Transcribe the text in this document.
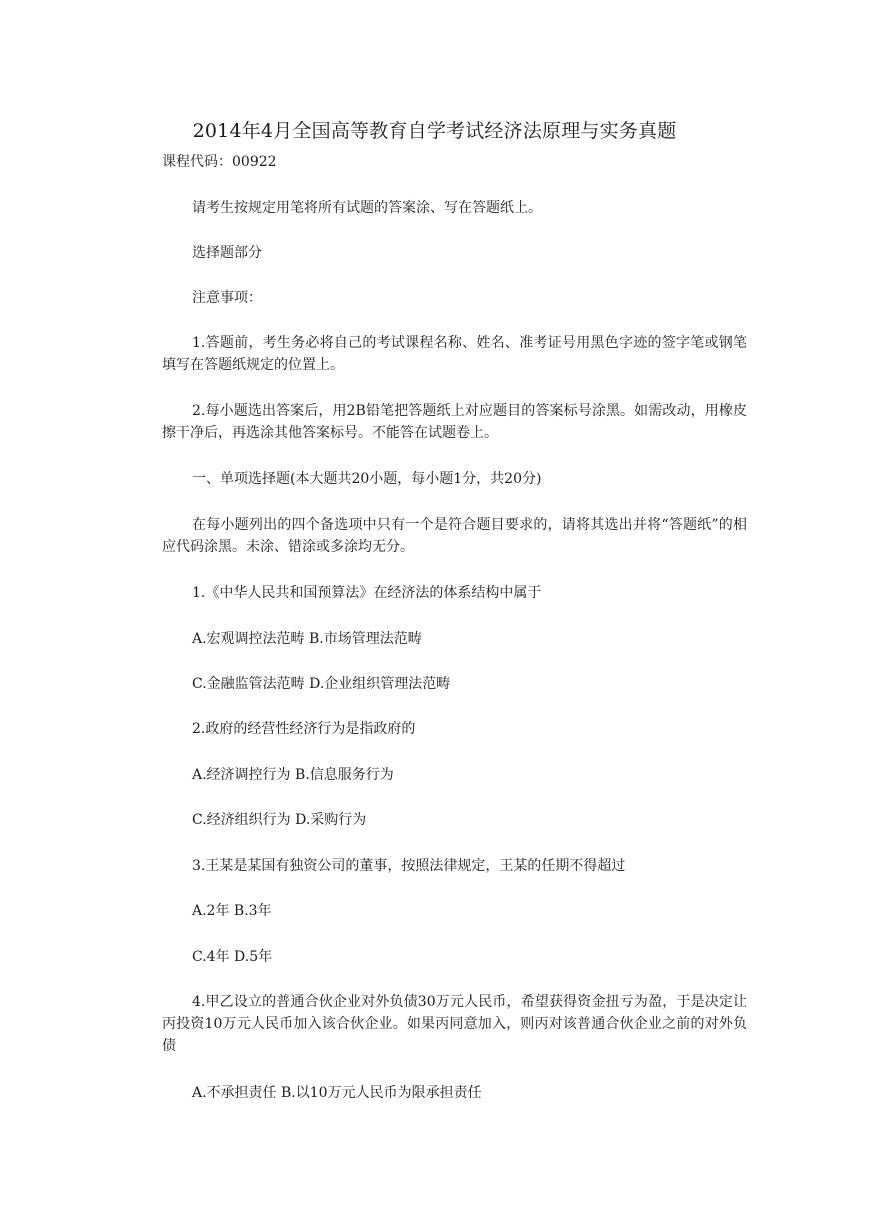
2014年4月全国高等教育自学考试经济法原理与实务真题
课程代码：00922
请考生按规定用笔将所有试题的答案涂、写在答题纸上。
选择题部分
注意事项：
1.答题前，考生务必将自己的考试课程名称、姓名、准考证号用黑色字迹的签字笔或钢笔填写在答题纸规定的位置上。
2.每小题选出答案后，用2B铅笔把答题纸上对应题目的答案标号涂黑。如需改动，用橡皮擦干净后，再选涂其他答案标号。不能答在试题卷上。
一、单项选择题(本大题共20小题，每小题1分，共20分)
在每小题列出的四个备选项中只有一个是符合题目要求的，请将其选出并将“答题纸”的相应代码涂黑。未涂、错涂或多涂均无分。
1.《中华人民共和国预算法》在经济法的体系结构中属于
A.宏观调控法范畴 B.市场管理法范畴
C.金融监管法范畴 D.企业组织管理法范畴
2.政府的经营性经济行为是指政府的
A.经济调控行为 B.信息服务行为
C.经济组织行为 D.采购行为
3.王某是某国有独资公司的董事，按照法律规定，王某的任期不得超过
A.2年 B.3年
C.4年 D.5年
4.甲乙设立的普通合伙企业对外负债30万元人民币，希望获得资金扭亏为盈，于是决定让丙投资10万元人民币加入该合伙企业。如果丙同意加入，则丙对该普通合伙企业之前的对外负债
A.不承担责任 B.以10万元人民币为限承担责任
